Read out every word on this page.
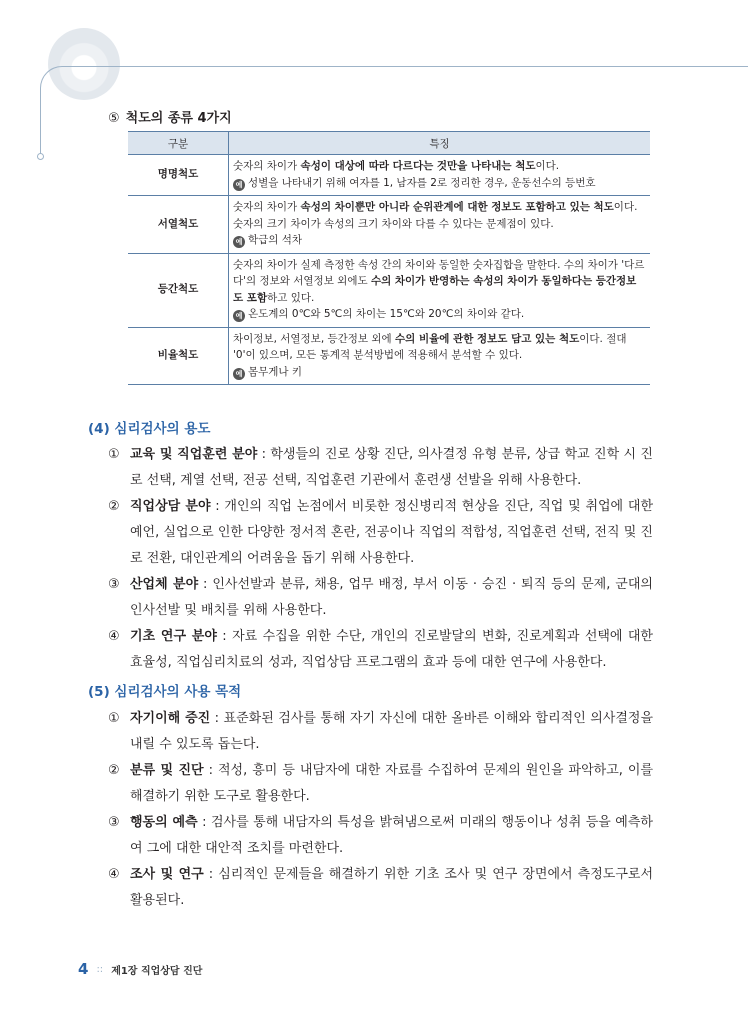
⑤ 척도의 종류 4가지
구분	특징
명명척도	숫자의 차이가 속성이 대상에 따라 다르다는 것만을 나타내는 척도이다.
예 성별을 나타내기 위해 여자를 1, 남자를 2로 정리한 경우, 운동선수의 등번호

서열척도	숫자의 차이가 속성의 차이뿐만 아니라 순위관계에 대한 정보도 포함하고 있는 척도이다. 숫자의 크기 차이가 속성의 크기 차이와 다를 수 있다는 문제점이 있다.
예 학급의 석차

등간척도	숫자의 차이가 실제 측정한 속성 간의 차이와 동일한 숫자집합을 말한다. 수의 차이가 '다르다'의 정보와 서열정보 외에도 수의 차이가 반영하는 속성의 차이가 동일하다는 등간정보도 포함하고 있다.
예 온도계의 0℃와 5℃의 차이는 15℃와 20℃의 차이와 같다.

비율척도	차이정보, 서열정보, 등간정보 외에 수의 비율에 관한 정보도 담고 있는 척도이다. 절대 '0'이 있으며, 모든 통계적 분석방법에 적용해서 분석할 수 있다.
예 몸무게나 키
(4) 심리검사의 용도
① 교육 및 직업훈련 분야 : 학생들의 진로 상황 진단, 의사결정 유형 분류, 상급 학교 진학 시 진로 선택, 계열 선택, 전공 선택, 직업훈련 기관에서 훈련생 선발을 위해 사용한다.
② 직업상담 분야 : 개인의 직업 논점에서 비롯한 정신병리적 현상을 진단, 직업 및 취업에 대한 예언, 실업으로 인한 다양한 정서적 혼란, 전공이나 직업의 적합성, 직업훈련 선택, 전직 및 진로 전환, 대인관계의 어려움을 돕기 위해 사용한다.
③ 산업체 분야 : 인사선발과 분류, 채용, 업무 배정, 부서 이동 · 승진 · 퇴직 등의 문제, 군대의 인사선발 및 배치를 위해 사용한다.
④ 기초 연구 분야 : 자료 수집을 위한 수단, 개인의 진로발달의 변화, 진로계획과 선택에 대한 효율성, 직업심리치료의 성과, 직업상담 프로그램의 효과 등에 대한 연구에 사용한다.
(5) 심리검사의 사용 목적
① 자기이해 증진 : 표준화된 검사를 통해 자기 자신에 대한 올바른 이해와 합리적인 의사결정을 내릴 수 있도록 돕는다.
② 분류 및 진단 : 적성, 흥미 등 내담자에 대한 자료를 수집하여 문제의 원인을 파악하고, 이를 해결하기 위한 도구로 활용한다.
③ 행동의 예측 : 검사를 통해 내담자의 특성을 밝혀냄으로써 미래의 행동이나 성취 등을 예측하여 그에 대한 대안적 조치를 마련한다.
④ 조사 및 연구 : 심리적인 문제들을 해결하기 위한 기초 조사 및 연구 장면에서 측정도구로서 활용된다.
4 :: 제1장 직업상담 진단
